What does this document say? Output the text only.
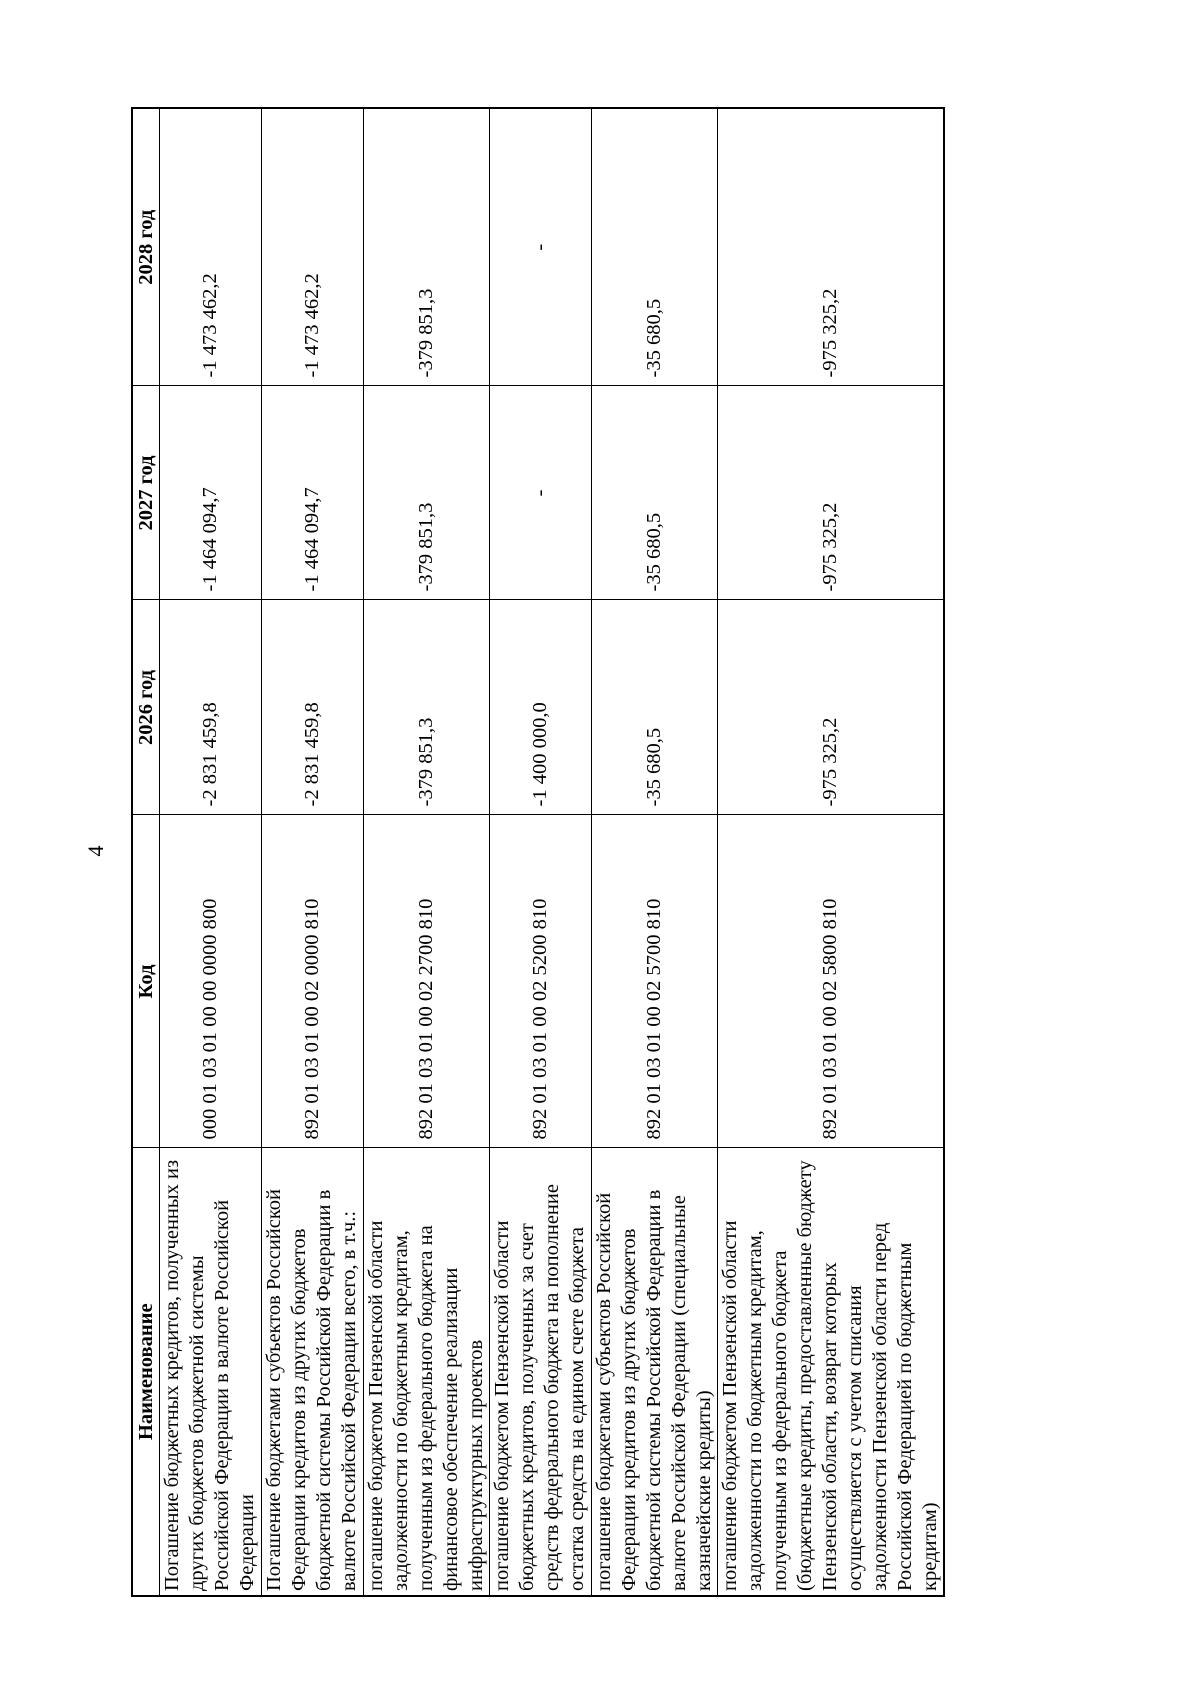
4
Наименование	Код	2026 год	2027 год	2028 год
Погашение бюджетных кредитов, полученных из других бюджетов бюджетной системы Российской Федерации в валюте Российской Федерации	000 01 03 01 00 00 0000 800	-2 831 459,8	-1 464 094,7	-1 473 462,2
Погашение бюджетами субъектов Российской Федерации кредитов из других бюджетов бюджетной системы Российской Федерации в валюте Российской Федерации всего, в т.ч.:	892 01 03 01 00 02 0000 810	-2 831 459,8	-1 464 094,7	-1 473 462,2
погашение бюджетом Пензенской области задолженности по бюджетным кредитам, полученным из федерального бюджета на финансовое обеспечение реализации инфраструктурных проектов	892 01 03 01 00 02 2700 810	-379 851,3	-379 851,3	-379 851,3
погашение бюджетом Пензенской области бюджетных кредитов, полученных за счет средств федерального бюджета на пополнение остатка средств на едином счете бюджета	892 01 03 01 00 02 5200 810	-1 400 000,0	-	-
погашение бюджетами субъектов Российской Федерации кредитов из других бюджетов бюджетной системы Российской Федерации в валюте Российской Федерации (специальные казначейские кредиты)	892 01 03 01 00 02 5700 810	-35 680,5	-35 680,5	-35 680,5
погашение бюджетом Пензенской области задолженности по бюджетным кредитам, полученным из федерального бюджета (бюджетные кредиты, предоставленные бюджету Пензенской области, возврат которых осуществляется с учетом списания задолженности Пензенской области перед Российской Федерацией по бюджетным кредитам)	892 01 03 01 00 02 5800 810	-975 325,2	-975 325,2	-975 325,2
